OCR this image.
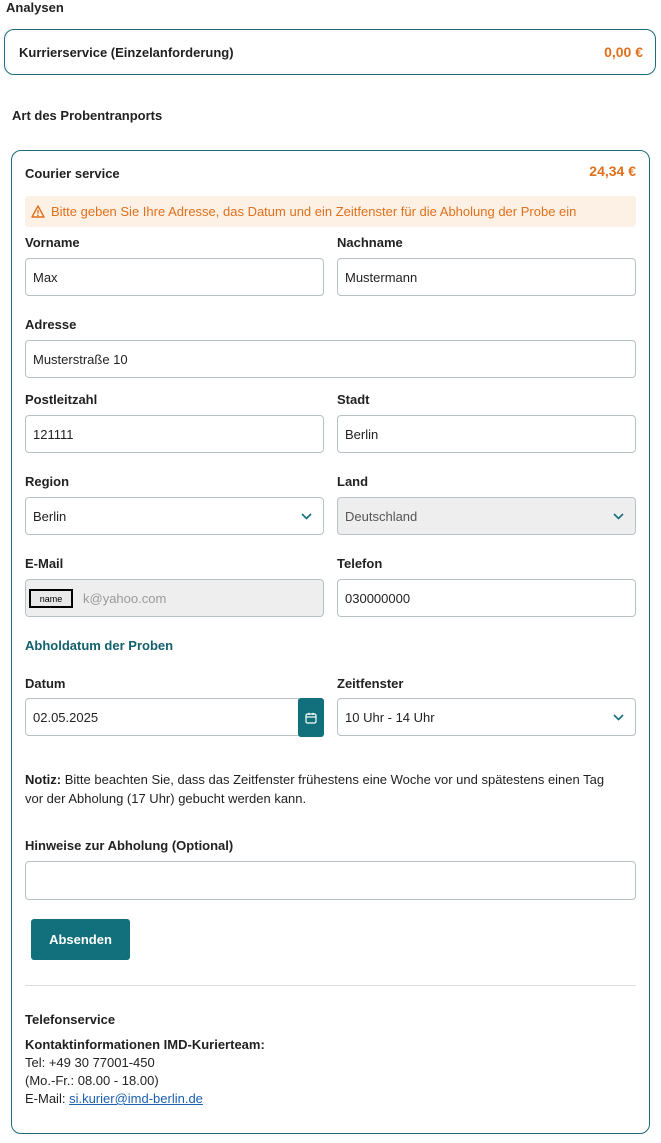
Analysen
Kurrierservice (Einzelanforderung)	0,00 €
Art des Probentranports
Courier service	24,34 €
Bitte geben Sie Ihre Adresse, das Datum und ein Zeitfenster für die Abholung der Probe ein
Vorname
Max
Nachname
Mustermann
Adresse
Musterstraße 10
Postleitzahl
121111
Stadt
Berlin
Region
Berlin
Land
Deutschland
E-Mail
k@yahoo.com
name
Telefon
030000000
Abholdatum der Proben
Datum
02.05.2025
Zeitfenster
10 Uhr - 14 Uhr
Notiz: Bitte beachten Sie, dass das Zeitfenster frühestens eine Woche vor und spätestens einen Tag
vor der Abholung (17 Uhr) gebucht werden kann.
Hinweise zur Abholung (Optional)
Absenden
Telefonservice
Kontaktinformationen IMD-Kurierteam:
Tel: +49 30 77001-450
(Mo.-Fr.: 08.00 - 18.00)
E-Mail: si.kurier@imd-berlin.de
